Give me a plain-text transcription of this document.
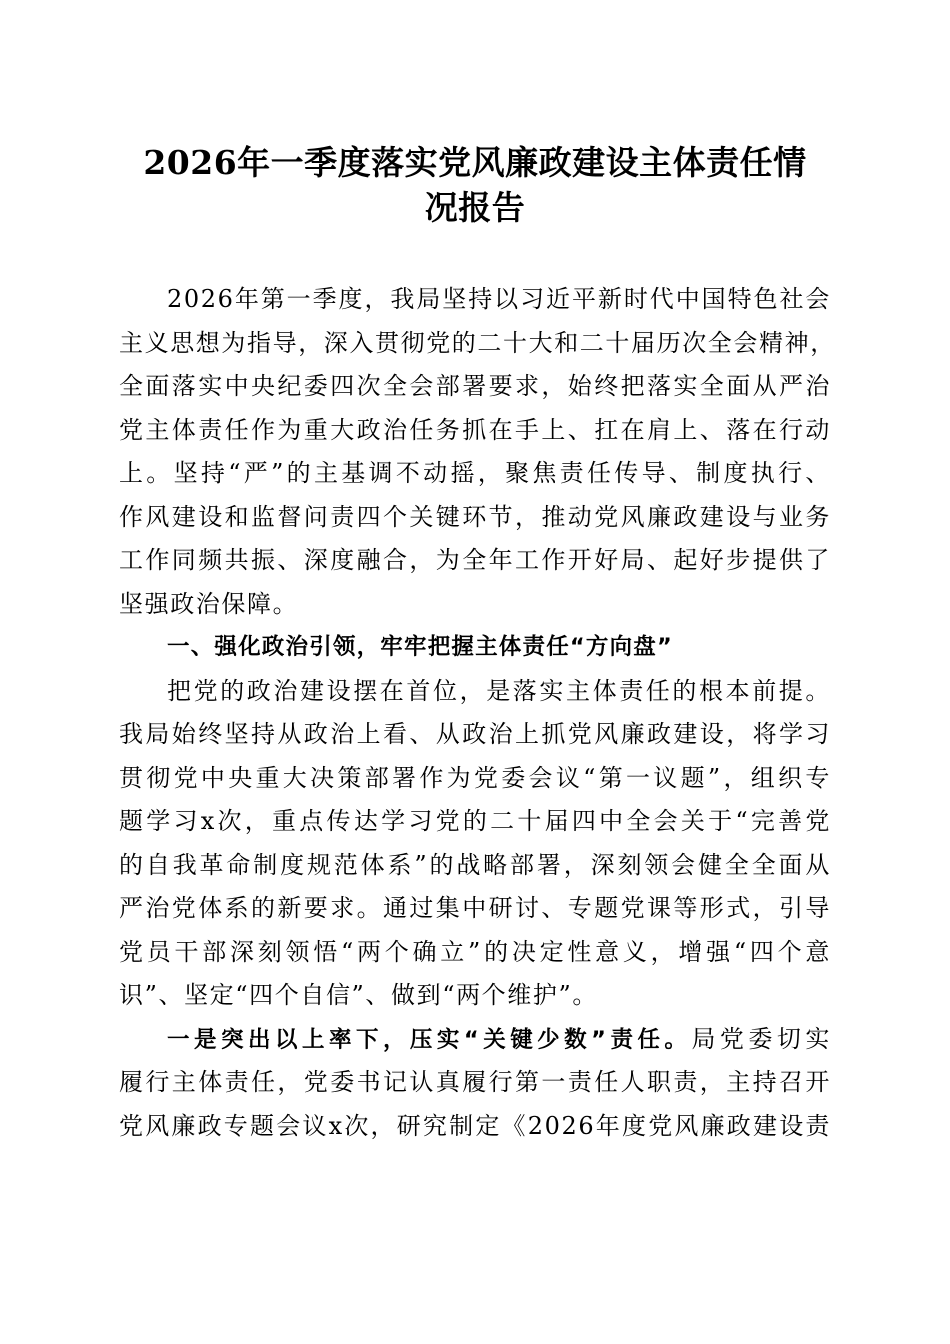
2026年一季度落实党风廉政建设主体责任情
况报告
2026年第一季度，我局坚持以习近平新时代中国特色社会
主义思想为指导，深入贯彻党的二十大和二十届历次全会精神，
全面落实中央纪委四次全会部署要求，始终把落实全面从严治
党主体责任作为重大政治任务抓在手上、扛在肩上、落在行动
上。坚持“严”的主基调不动摇，聚焦责任传导、制度执行、
作风建设和监督问责四个关键环节，推动党风廉政建设与业务
工作同频共振、深度融合，为全年工作开好局、起好步提供了
坚强政治保障。
一、强化政治引领，牢牢把握主体责任“方向盘”
把党的政治建设摆在首位，是落实主体责任的根本前提。
我局始终坚持从政治上看、从政治上抓党风廉政建设，将学习
贯彻党中央重大决策部署作为党委会议“第一议题”，组织专
题学习x次，重点传达学习党的二十届四中全会关于“完善党
的自我革命制度规范体系”的战略部署，深刻领会健全全面从
严治党体系的新要求。通过集中研讨、专题党课等形式，引导
党员干部深刻领悟“两个确立”的决定性意义，增强“四个意
识”、坚定“四个自信”、做到“两个维护”。
一是突出以上率下，压实“关键少数”责任。局党委切实
履行主体责任，党委书记认真履行第一责任人职责，主持召开
党风廉政专题会议x次，研究制定《2026年度党风廉政建设责
